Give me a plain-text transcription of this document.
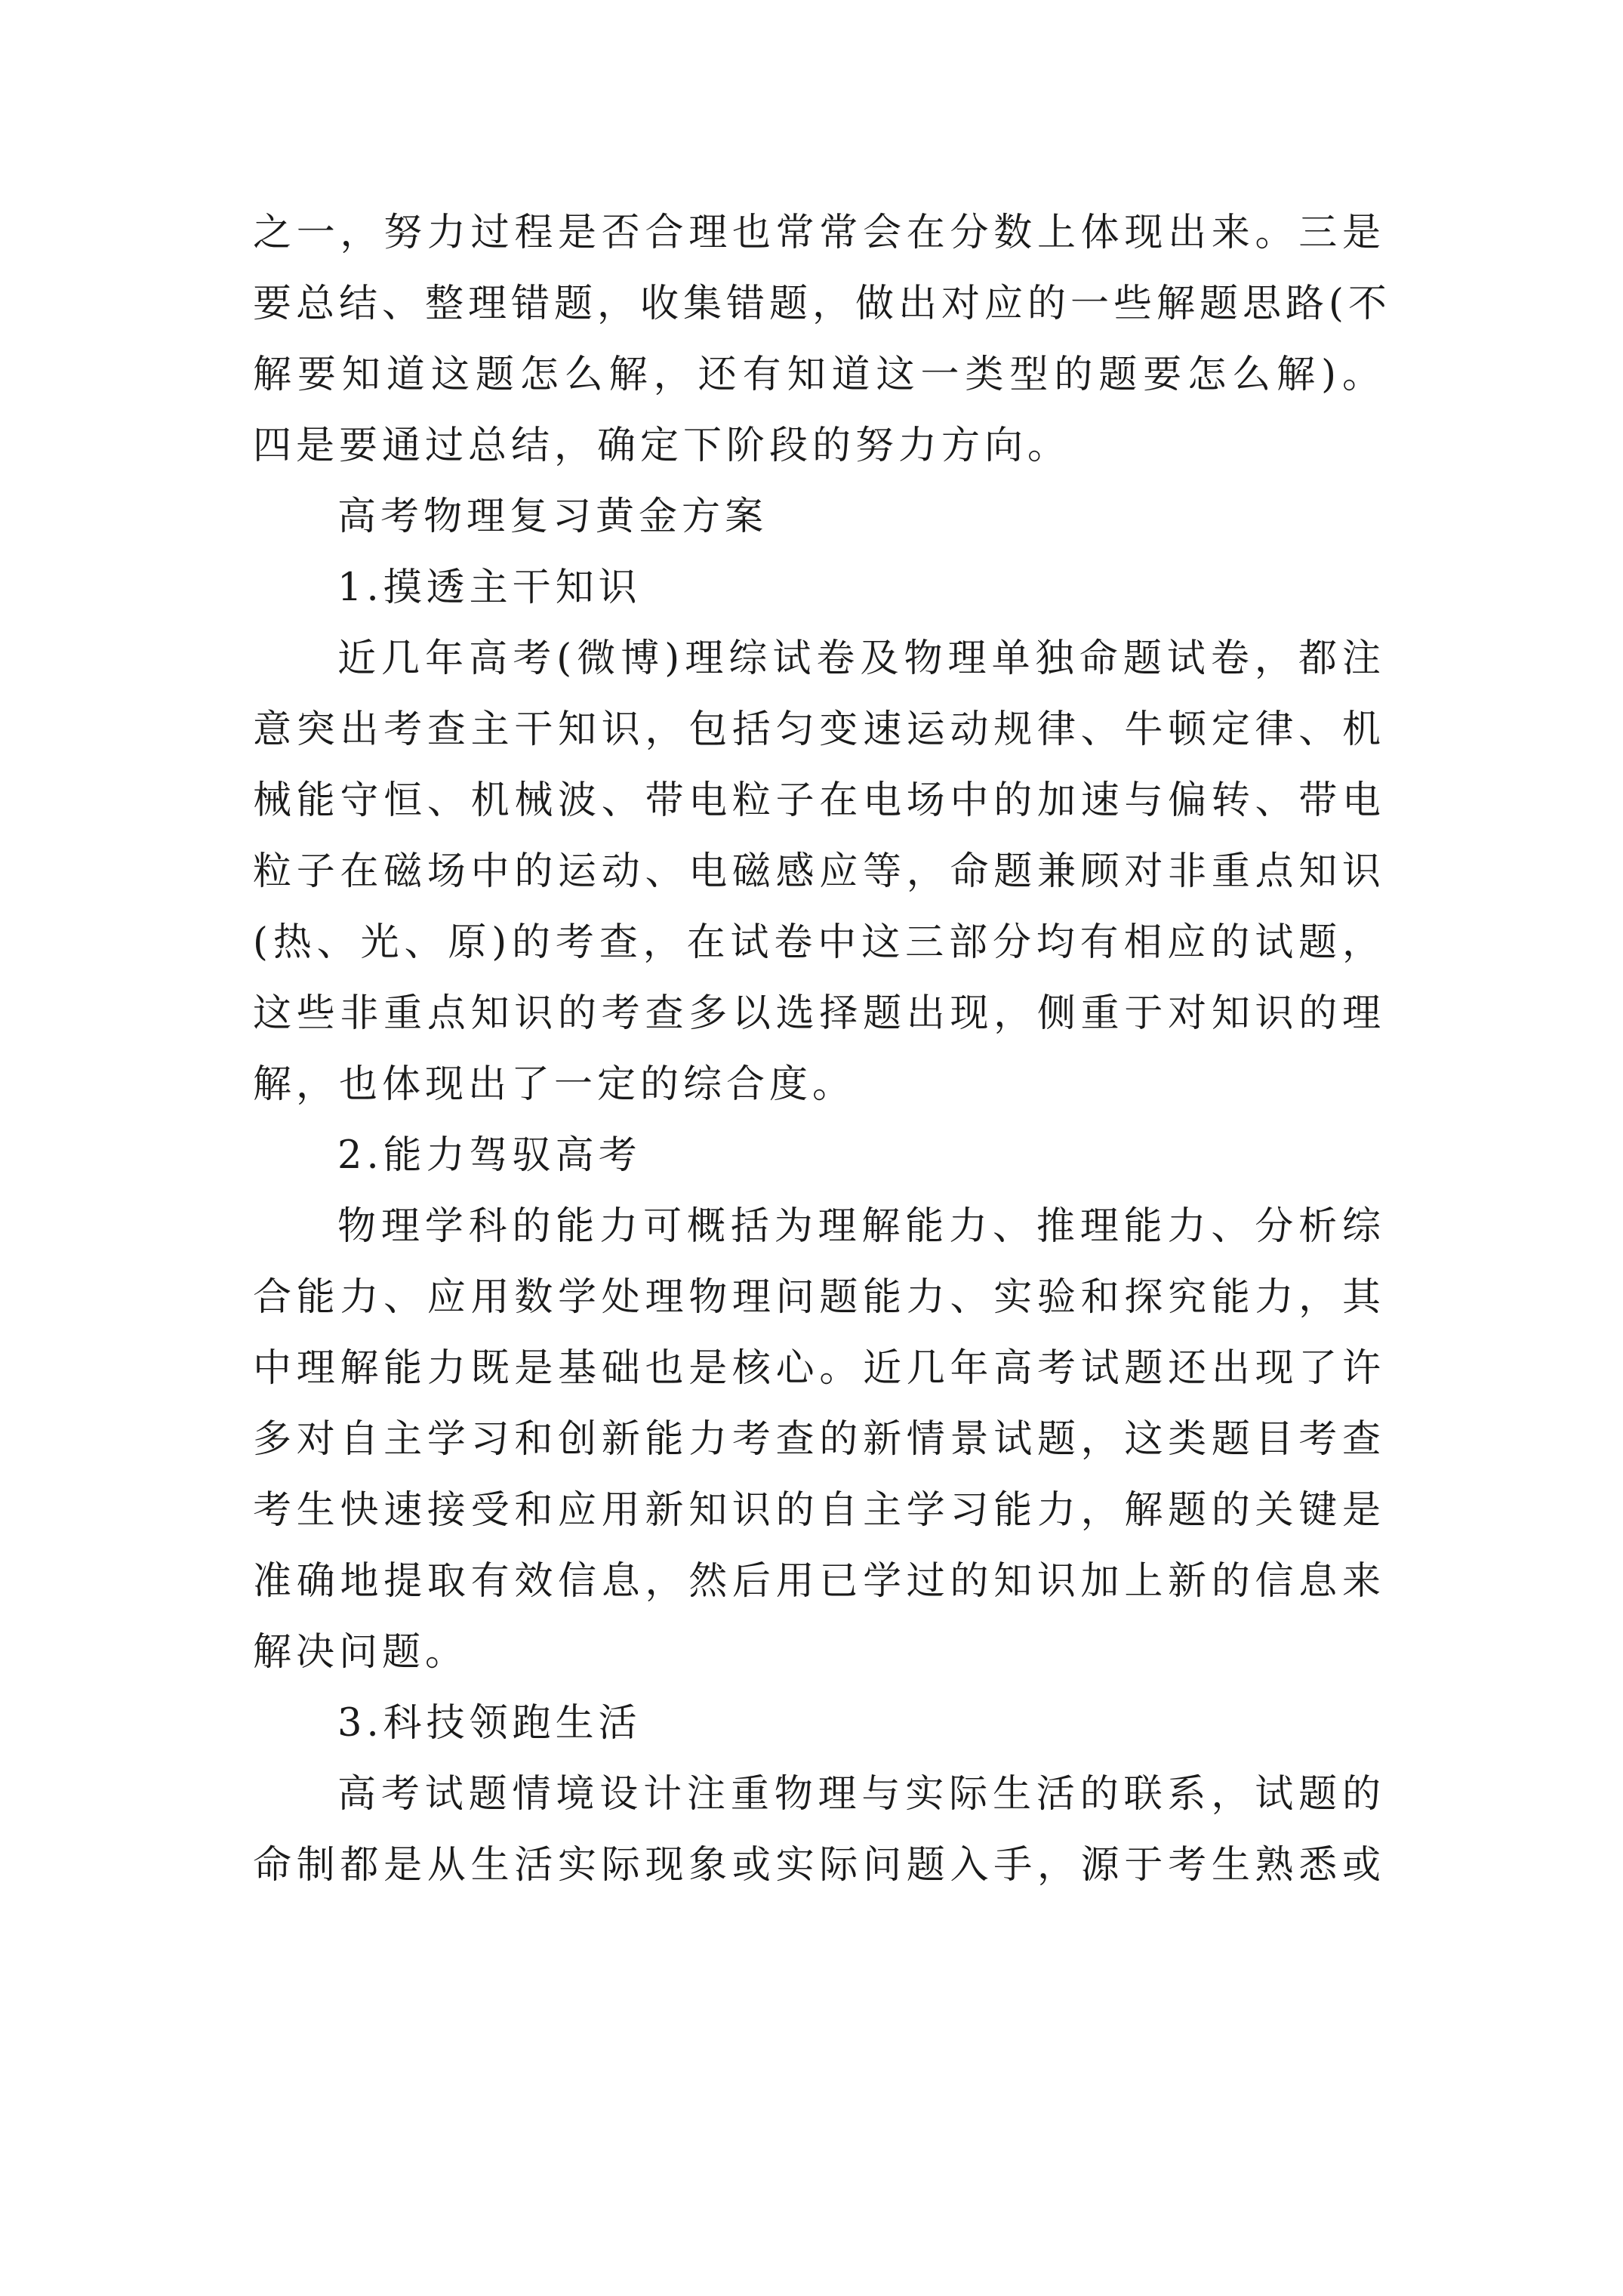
之一，努力过程是否合理也常常会在分数上体现出来。三是
要总结、整理错题，收集错题，做出对应的一些解题思路(不
解要知道这题怎么解，还有知道这一类型的题要怎么解)。
四是要通过总结，确定下阶段的努力方向。
高考物理复习黄金方案
1.摸透主干知识
近几年高考(微博)理综试卷及物理单独命题试卷，都注
意突出考查主干知识，包括匀变速运动规律、牛顿定律、机
械能守恒、机械波、带电粒子在电场中的加速与偏转、带电
粒子在磁场中的运动、电磁感应等，命题兼顾对非重点知识
(热、光、原)的考查，在试卷中这三部分均有相应的试题，
这些非重点知识的考查多以选择题出现，侧重于对知识的理
解，也体现出了一定的综合度。
2.能力驾驭高考
物理学科的能力可概括为理解能力、推理能力、分析综
合能力、应用数学处理物理问题能力、实验和探究能力，其
中理解能力既是基础也是核心。近几年高考试题还出现了许
多对自主学习和创新能力考查的新情景试题，这类题目考查
考生快速接受和应用新知识的自主学习能力，解题的关键是
准确地提取有效信息，然后用已学过的知识加上新的信息来
解决问题。
3.科技领跑生活
高考试题情境设计注重物理与实际生活的联系，试题的
命制都是从生活实际现象或实际问题入手，源于考生熟悉或
